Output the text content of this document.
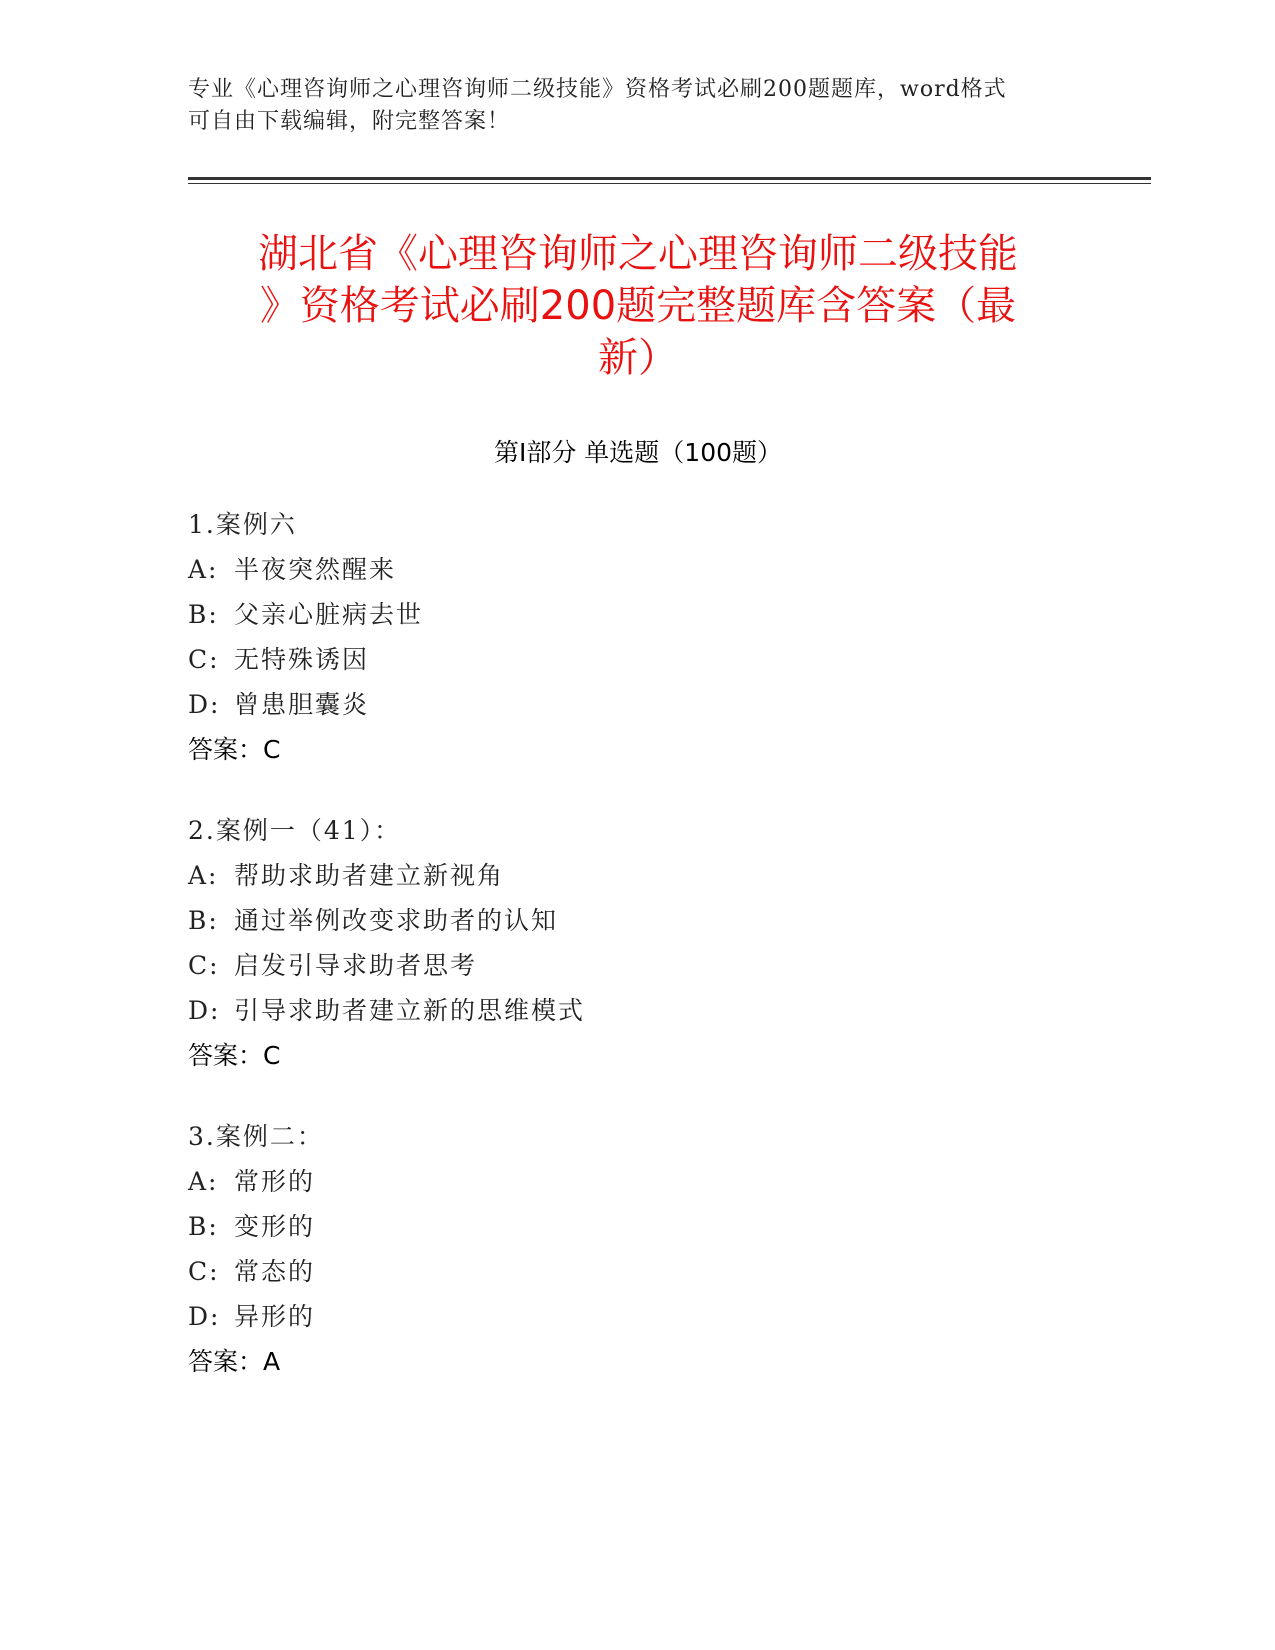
专业《心理咨询师之心理咨询师二级技能》资格考试必刷200题题库，word格式
可自由下载编辑，附完整答案！
湖北省《心理咨询师之心理咨询师二级技能
》资格考试必刷200题完整题库含答案（最
新）
第Ⅰ部分 单选题（100题）
1.案例六
A: 半夜突然醒来
B: 父亲心脏病去世
C: 无特殊诱因
D: 曾患胆囊炎
答案：C
2.案例一（41）：
A: 帮助求助者建立新视角
B: 通过举例改变求助者的认知
C: 启发引导求助者思考
D: 引导求助者建立新的思维模式
答案：C
3.案例二：
A: 常形的
B: 变形的
C: 常态的
D: 异形的
答案：A
